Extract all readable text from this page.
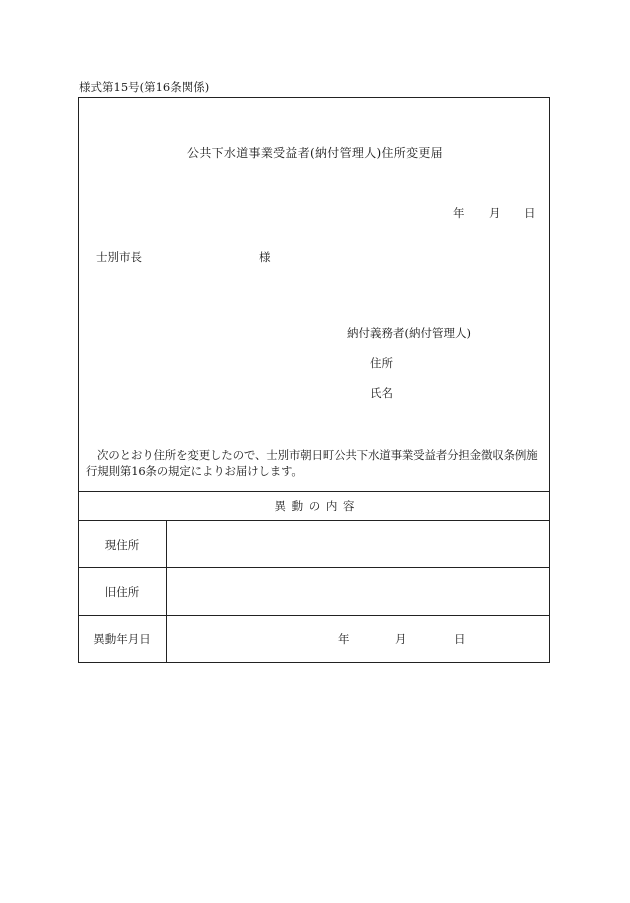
様式第15号(第16条関係)
公共下水道事業受益者(納付管理人)住所変更届
年 月 日
士別市長	様
納付義務者(納付管理人)
住所
氏名

次のとおり住所を変更したので、士別市朝日町公共下水道事業受益者分担金徴収条例施

行規則第16条の規定によりお届けします。

異 動 の 内 容
現住所
旧住所
異動年月日	年	月	日
